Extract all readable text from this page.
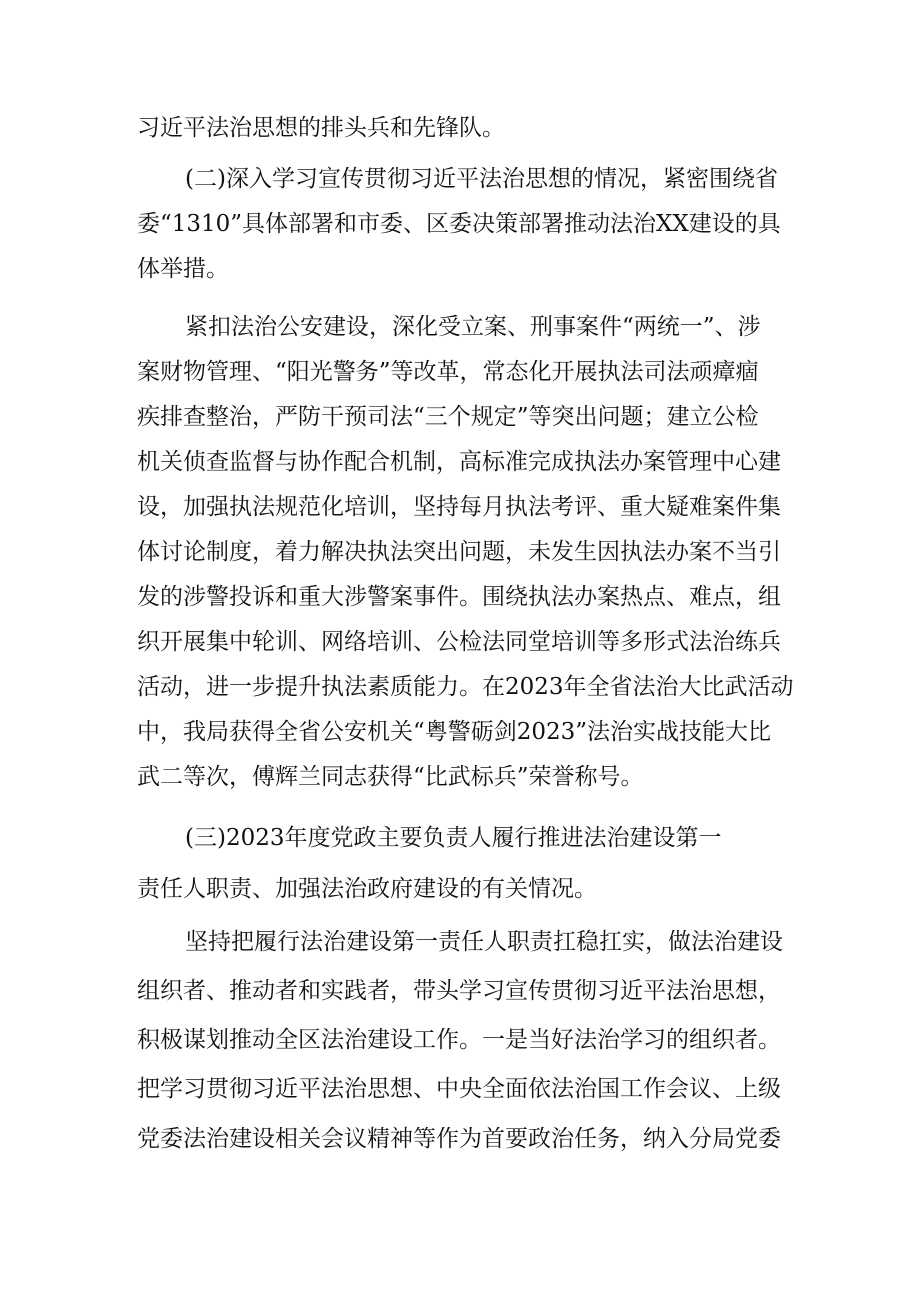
习近平法治思想的排头兵和先锋队。

(二)深入学习宣传贯彻习近平法治思想的情况，紧密围绕省

委“1310”具体部署和市委、区委决策部署推动法治XX建设的具

体举措。

紧扣法治公安建设，深化受立案、刑事案件“两统一”、涉

案财物管理、“阳光警务”等改革，常态化开展执法司法顽瘴痼

疾排查整治，严防干预司法“三个规定”等突出问题；建立公检

机关侦查监督与协作配合机制，高标准完成执法办案管理中心建

设，加强执法规范化培训，坚持每月执法考评、重大疑难案件集

体讨论制度，着力解决执法突出问题，未发生因执法办案不当引

发的涉警投诉和重大涉警案事件。围绕执法办案热点、难点，组

织开展集中轮训、网络培训、公检法同堂培训等多形式法治练兵

活动，进一步提升执法素质能力。在2023年全省法治大比武活动

中，我局获得全省公安机关“粤警砺剑2023”法治实战技能大比

武二等次，傅辉兰同志获得“比武标兵”荣誉称号。

(三)2023年度党政主要负责人履行推进法治建设第一

责任人职责、加强法治政府建设的有关情况。

坚持把履行法治建设第一责任人职责扛稳扛实，做法治建设

组织者、推动者和实践者，带头学习宣传贯彻习近平法治思想，

积极谋划推动全区法治建设工作。一是当好法治学习的组织者。

把学习贯彻习近平法治思想、中央全面依法治国工作会议、上级

党委法治建设相关会议精神等作为首要政治任务，纳入分局党委
